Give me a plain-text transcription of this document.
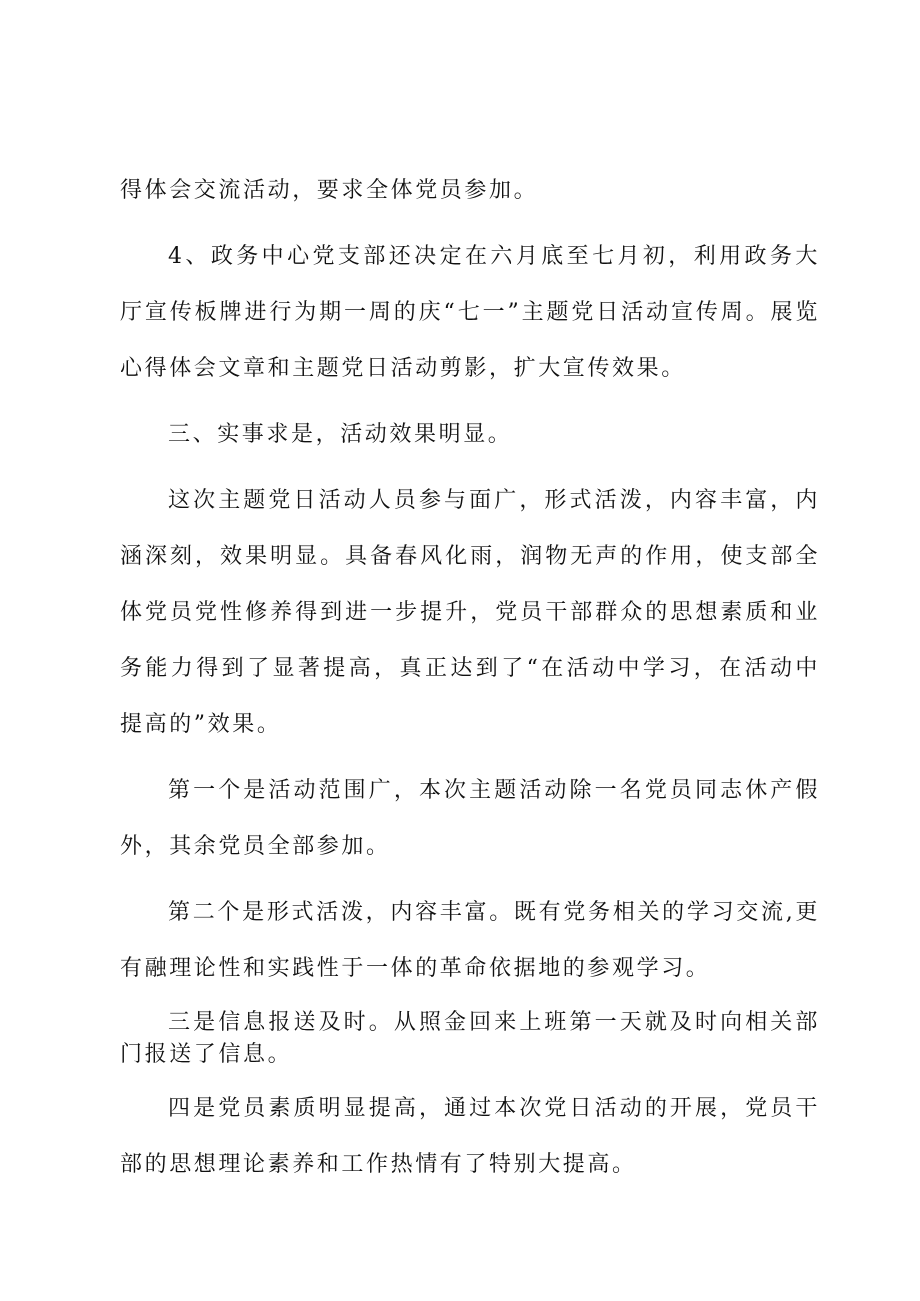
得体会交流活动，要求全体党员参加。

4、政务中心党支部还决定在六月底至七月初，利用政务大厅宣传板牌进行为期一周的庆“七一”主题党日活动宣传周。展览心得体会文章和主题党日活动剪影，扩大宣传效果。

三、实事求是，活动效果明显。

这次主题党日活动人员参与面广，形式活泼，内容丰富，内涵深刻，效果明显。具备春风化雨，润物无声的作用，使支部全体党员党性修养得到进一步提升，党员干部群众的思想素质和业务能力得到了显著提高，真正达到了“在活动中学习，在活动中提高的”效果。

第一个是活动范围广，本次主题活动除一名党员同志休产假外，其余党员全部参加。

第二个是形式活泼，内容丰富。既有党务相关的学习交流,更有融理论性和实践性于一体的革命依据地的参观学习。

三是信息报送及时。从照金回来上班第一天就及时向相关部门报送了信息。

四是党员素质明显提高，通过本次党日活动的开展，党员干部的思想理论素养和工作热情有了特别大提高。
